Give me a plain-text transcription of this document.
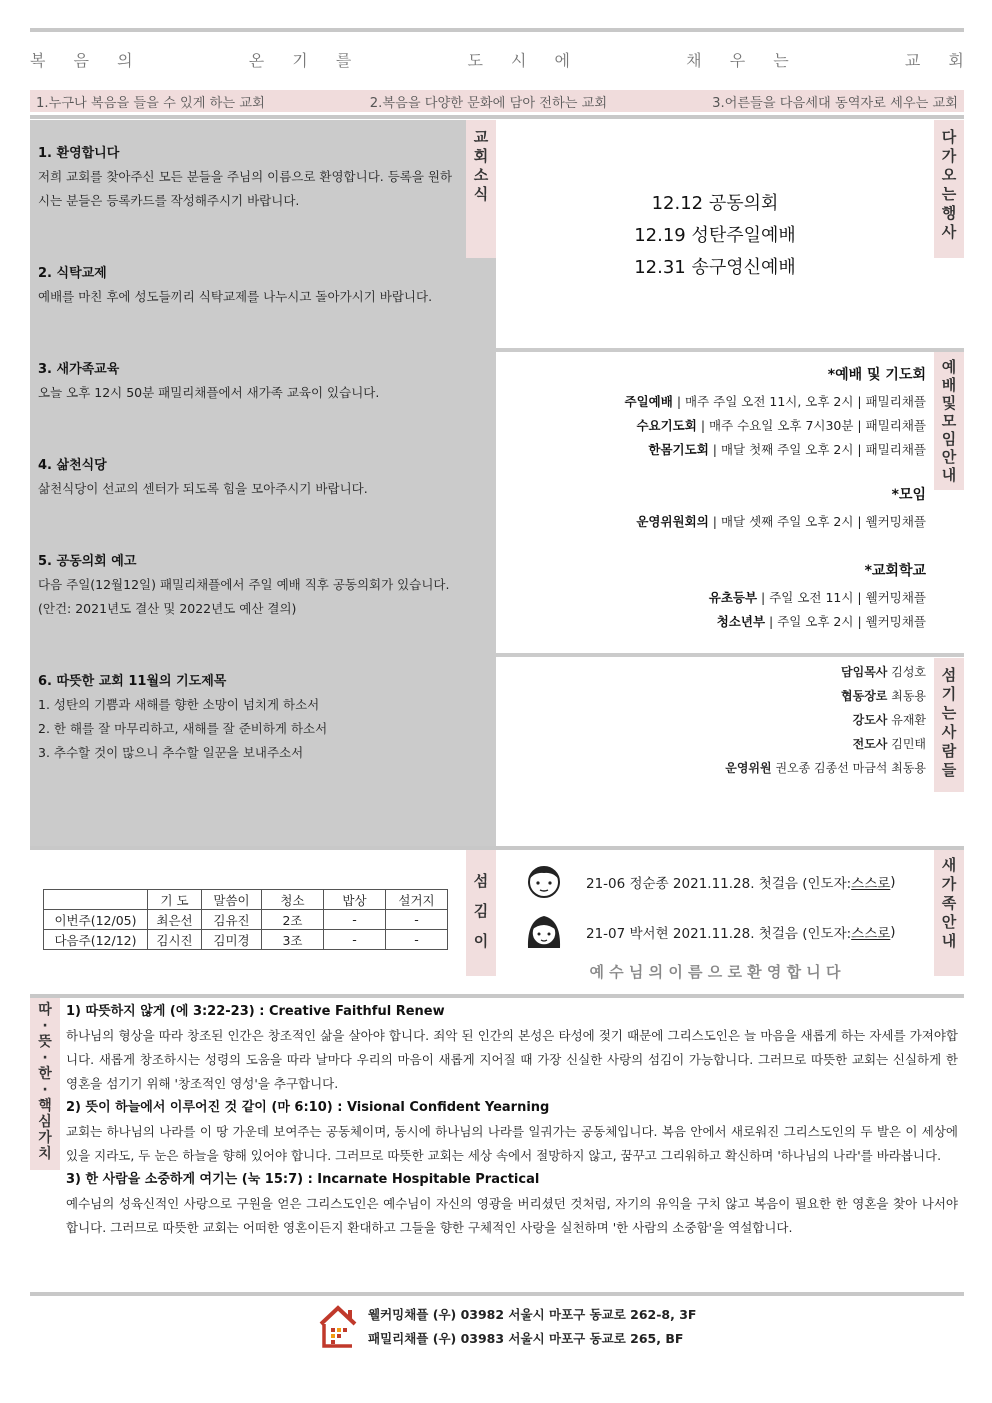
복 음 의	온 기 를	도 시 에	채 우 는	교 회
1.누구나 복음을 들을 수 있게 하는 교회	2.복음을 다양한 문화에 담아 전하는 교회	3.어른들을 다음세대 동역자로 세우는 교회
1. 환영합니다

저희 교회를 찾아주신 모든 분들을 주님의 이름으로 환영합니다. 등록을 원하시는 분들은 등록카드를 작성해주시기 바랍니다.

2. 식탁교제

예배를 마친 후에 성도들끼리 식탁교제를 나누시고 돌아가시기 바랍니다.

3. 새가족교육

오늘 오후 12시 50분 패밀리채플에서 새가족 교육이 있습니다.

4. 삶천식당

삶천식당이 선교의 센터가 되도록 힘을 모아주시기 바랍니다.

5. 공동의회 예고

다음 주일(12월12일) 패밀리채플에서 주일 예배 직후 공동의회가 있습니다. (안건: 2021년도 결산 및 2022년도 예산 결의)

6. 따뜻한 교회 11월의 기도제목

1. 성탄의 기쁨과 새해를 향한 소망이 넘치게 하소서

2. 한 해를 잘 마무리하고, 새해를 잘 준비하게 하소서

3. 추수할 것이 많으니 추수할 일꾼을 보내주소서

교
회
소
식	12.12 공동의회
12.19 성탄주일예배
12.31 송구영신예배
다
가
오
는
행
사
*예배 및 기도회
주일예배 | 매주 주일 오전 11시, 오후 2시 | 패밀리채플
수요기도회 | 매주 수요일 오후 7시30분 | 패밀리채플
한몸기도회 | 매달 첫째 주일 오후 2시 | 패밀리채플
*모임
운영위원회의 | 매달 셋째 주일 오후 2시 | 웰커밍채플
*교회학교
유초등부 | 주일 오전 11시 | 웰커밍채플
청소년부 | 주일 오후 2시 | 웰커밍채플
예
배
및
모
임
안
내
담임목사 김성호
협동장로 최동용
강도사 유재환
전도사 김민태
운영위원 권오종 김종선 마금석 최동용
섬
기
는
사
람
들
	기 도	말씀이	청소	밥상	설거지
이번주(12/05)	최은선	김유진	2조	-	-
다음주(12/12)	김시진	김미경	3조	-	-
섬
김
이
21-06 정순종 2021.11.28. 첫걸음 (인도자: 스스로 )
21-07 박서현 2021.11.28. 첫걸음 (인도자: 스스로 )
예 수 님 의 이 름 으 로 환 영 합 니 다
새
가
족
안
내
따
·
뜻
·
한
·
핵
심
가
치
1) 따뜻하지 않게 (에 3:22-23) : Creative Faithful Renew
하나님의 형상을 따라 창조된 인간은 창조적인 삶을 살아야 합니다. 죄악 된 인간의 본성은 타성에 젖기 때문에 그리스도인은 늘 마음을 새롭게 하는 자세를 가져야합니다. 새롭게 창조하시는 성령의 도움을 따라 날마다 우리의 마음이 새롭게 지어질 때 가장 신실한 사랑의 섬김이 가능합니다. 그러므로 따뜻한 교회는 신실하게 한 영혼을 섬기기 위해 '창조적인 영성'을 추구합니다.
2) 뜻이 하늘에서 이루어진 것 같이 (마 6:10) : Visional Confident Yearning
교회는 하나님의 나라를 이 땅 가운데 보여주는 공동체이며, 동시에 하나님의 나라를 일궈가는 공동체입니다. 복음 안에서 새로워진 그리스도인의 두 발은 이 세상에 있을 지라도, 두 눈은 하늘을 향해 있어야 합니다. 그러므로 따뜻한 교회는 세상 속에서 절망하지 않고, 꿈꾸고 그리워하고 확신하며 '하나님의 나라'를 바라봅니다.
3) 한 사람을 소중하게 여기는 (눅 15:7) : Incarnate Hospitable Practical
예수님의 성육신적인 사랑으로 구원을 얻은 그리스도인은 예수님이 자신의 영광을 버리셨던 것처럼, 자기의 유익을 구치 않고 복음이 필요한 한 영혼을 찾아 나서야 합니다. 그러므로 따뜻한 교회는 어떠한 영혼이든지 환대하고 그들을 향한 구체적인 사랑을 실천하며 '한 사람의 소중함'을 역설합니다.
웰커밍채플 (우) 03982 서울시 마포구 동교로 262-8, 3F
패밀리채플 (우) 03983 서울시 마포구 동교로 265, BF
